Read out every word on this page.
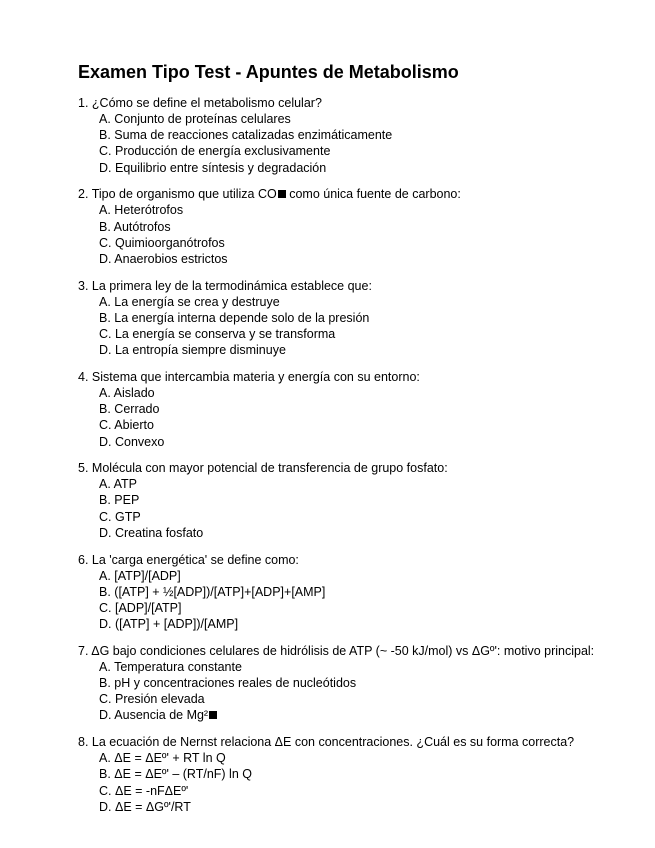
Examen Tipo Test - Apuntes de Metabolismo
1. ¿Cómo se define el metabolismo celular?
A. Conjunto de proteínas celulares
B. Suma de reacciones catalizadas enzimáticamente
C. Producción de energía exclusivamente
D. Equilibrio entre síntesis y degradación
2. Tipo de organismo que utiliza CO como única fuente de carbono:
A. Heterótrofos
B. Autótrofos
C. Quimioorganótrofos
D. Anaerobios estrictos
3. La primera ley de la termodinámica establece que:
A. La energía se crea y destruye
B. La energía interna depende solo de la presión
C. La energía se conserva y se transforma
D. La entropía siempre disminuye
4. Sistema que intercambia materia y energía con su entorno:
A. Aislado
B. Cerrado
C. Abierto
D. Convexo
5. Molécula con mayor potencial de transferencia de grupo fosfato:
A. ATP
B. PEP
C. GTP
D. Creatina fosfato
6. La 'carga energética' se define como:
A. [ATP]/[ADP]
B. ([ATP] + ½[ADP])/[ATP]+[ADP]+[AMP]
C. [ADP]/[ATP]
D. ([ATP] + [ADP])/[AMP]
7. ΔG bajo condiciones celulares de hidrólisis de ATP (~ -50 kJ/mol) vs ΔGº': motivo principal:
A. Temperatura constante
B. pH y concentraciones reales de nucleótidos
C. Presión elevada
D. Ausencia de Mg²
8. La ecuación de Nernst relaciona ΔE con concentraciones. ¿Cuál es su forma correcta?
A. ΔE = ΔEº' + RT ln Q
B. ΔE = ΔEº' – (RT/nF) ln Q
C. ΔE = -nFΔEº'
D. ΔE = ΔGº'/RT
